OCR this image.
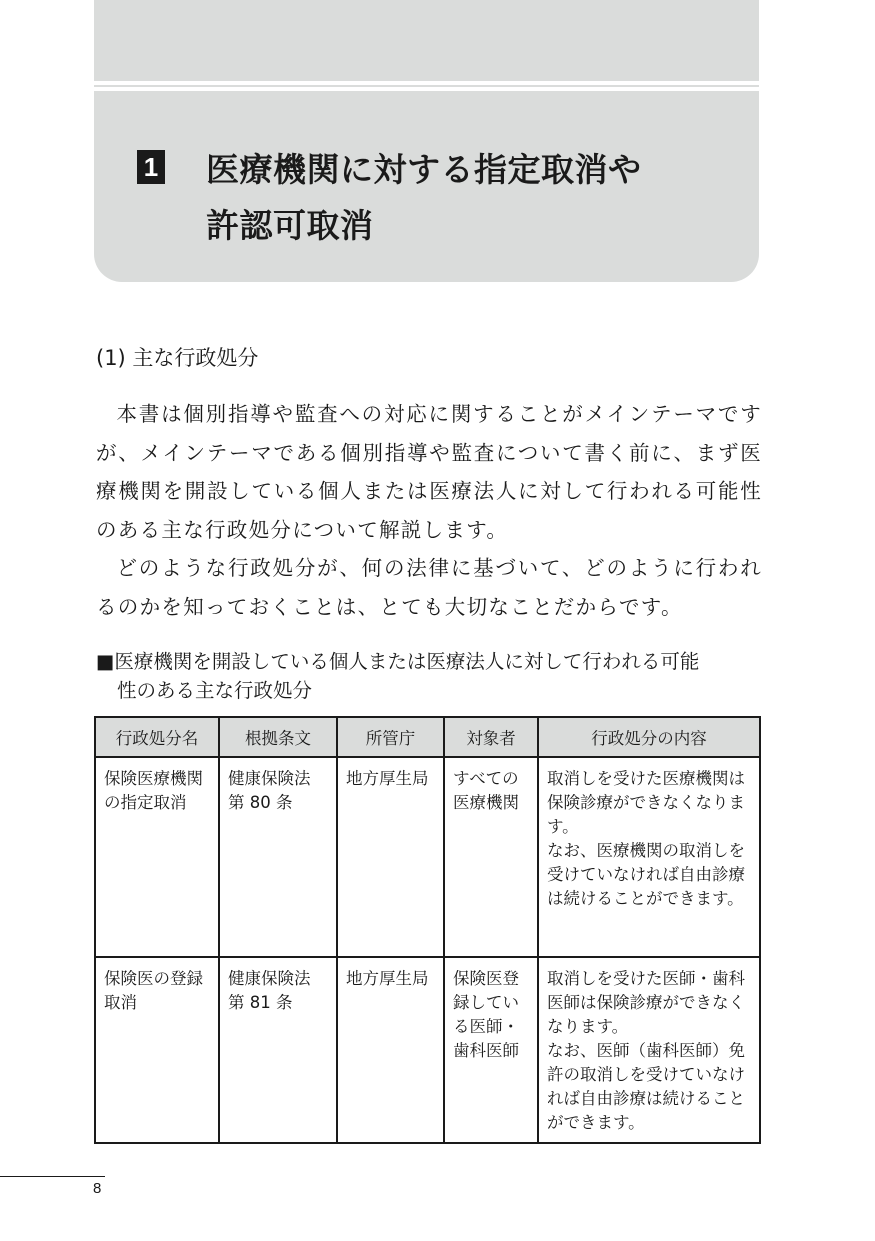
1 医療機関に対する指定取消や
許認可取消
(1) 主な行政処分

本書は個別指導や監査への対応に関することがメインテーマですが、メインテーマである個別指導や監査について書く前に、まず医療機関を開設している個人または医療法人に対して行われる可能性のある主な行政処分について解説します。

どのような行政処分が、何の法律に基づいて、どのように行われるのかを知っておくことは、とても大切なことだからです。

■医療機関を開設している個人または医療法人に対して行われる可能
性のある主な行政処分
行政処分名	根拠条文	所管庁	対象者	行政処分の内容

保険医療機関
の指定取消	健康保険法
第 80 条	地方厚生局	すべての
医療機関	取消しを受けた医療機関は保険診療ができなくなります。
なお、医療機関の取消しを受けていなければ自由診療は続けることができます。

保険医の登録
取消	健康保険法
第 81 条	地方厚生局	保険医登
録してい
る医師・
歯科医師	取消しを受けた医師・歯科医師は保険診療ができなくなります。
なお、医師（歯科医師）免許の取消しを受けていなければ自由診療は続けることができます。
8
